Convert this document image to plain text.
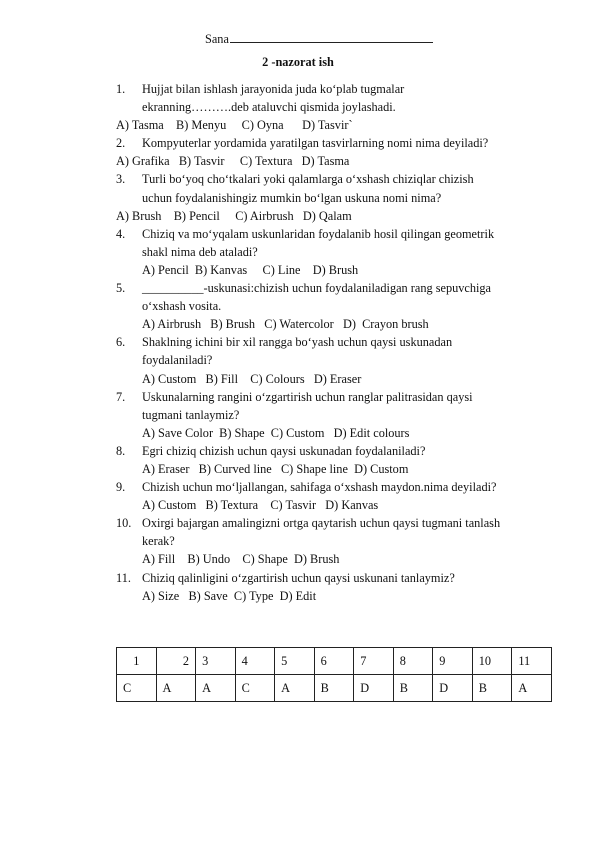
Sana
2 -nazorat ish
1. Hujjat bilan ishlash jarayonida juda ko‘plab tugmalar
ekranning……….deb ataluvchi qismida joylashadi.
A) Tasma    B) Menyu     C) Oyna      D) Tasvir`
2. Kompyuterlar yordamida yaratilgan tasvirlarning nomi nima deyiladi?
A) Grafika   B) Tasvir     C) Textura   D) Tasma
3. Turli bo‘yoq cho‘tkalari yoki qalamlarga o‘xshash chiziqlar chizish
uchun foydalanishingiz mumkin bo‘lgan uskuna nomi nima?
A) Brush    B) Pencil     C) Airbrush   D) Qalam
4. Chiziq va mo‘yqalam uskunlaridan foydalanib hosil qilingan geometrik
shakl nima deb ataladi?
A) Pencil  B) Kanvas     C) Line    D) Brush
5. __________-uskunasi:chizish uchun foydalaniladigan rang sepuvchiga
o‘xshash vosita.
A) Airbrush   B) Brush   C) Watercolor   D)  Crayon brush
6. Shaklning ichini bir xil rangga bo‘yash uchun qaysi uskunadan
foydalaniladi?
A) Custom   B) Fill    C) Colours   D) Eraser
7. Uskunalarning rangini o‘zgartirish uchun ranglar palitrasidan qaysi
tugmani tanlaymiz?
A) Save Color  B) Shape  C) Custom   D) Edit colours
8. Egri chiziq chizish uchun qaysi uskunadan foydalaniladi?
A) Eraser   B) Curved line   C) Shape line  D) Custom
9. Chizish uchun mo‘ljallangan, sahifaga o‘xshash maydon.nima deyiladi?
A) Custom   B) Textura    C) Tasvir   D) Kanvas
10. Oxirgi bajargan amalingizni ortga qaytarish uchun qaysi tugmani tanlash
kerak?
A) Fill    B) Undo    C) Shape  D) Brush
11. Chiziq qalinligini o‘zgartirish uchun qaysi uskunani tanlaymiz?
A) Size   B) Save  C) Type  D) Edit
1	2	3	4	5	6	7	8	9	10	11
C	A	A	C	A	B	D	B	D	B	A
